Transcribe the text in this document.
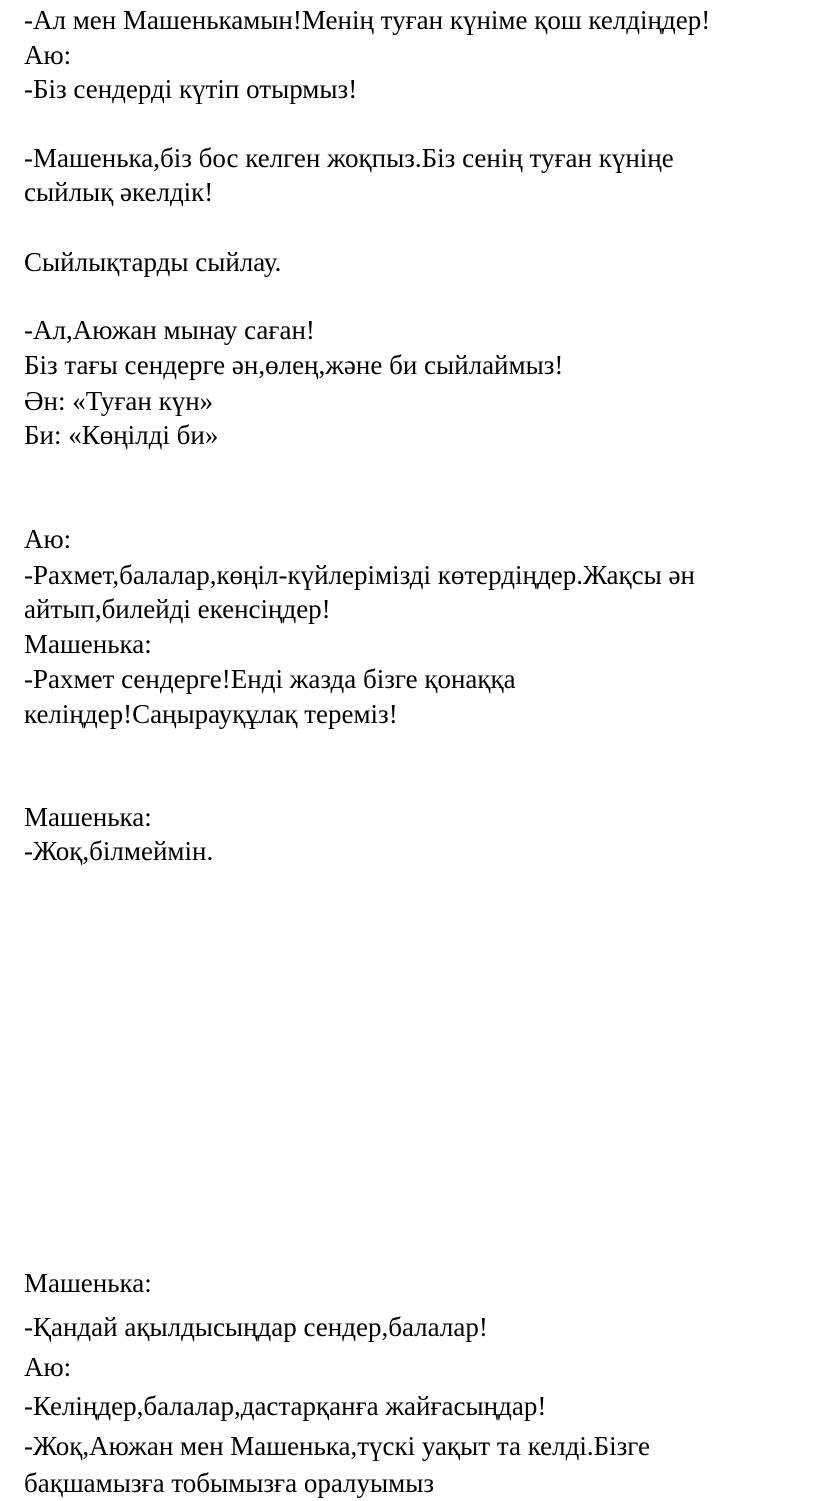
-Ал мен Машенькамын!Менің туған күніме қош келдіңдер!
Аю:
-Біз сендерді күтіп отырмыз!
-Машенька,біз бос келген жоқпыз.Біз сенің туған күніңе
сыйлық әкелдік!
Сыйлықтарды сыйлау.
-Ал,Аюжан мынау саған!
Біз тағы сендерге ән,өлең,және би сыйлаймыз!
Ән: «Туған күн»
Би: «Көңілді би»
Аю:
-Рахмет,балалар,көңіл-күйлерімізді көтердіңдер.Жақсы ән
айтып,билейді екенсіңдер!
Машенька:
-Рахмет сендерге!Енді жазда бізге қонаққа
келіңдер!Саңырауқұлақ тереміз!
Машенька:
-Жоқ,білмеймін.
Машенька:
-Қандай ақылдысыңдар сендер,балалар!
Аю:
-Келіңдер,балалар,дастарқанға жайғасыңдар!
-Жоқ,Аюжан мен Машенька,түскі уақыт та келді.Бізге
бақшамызға тобымызға оралуымыз
